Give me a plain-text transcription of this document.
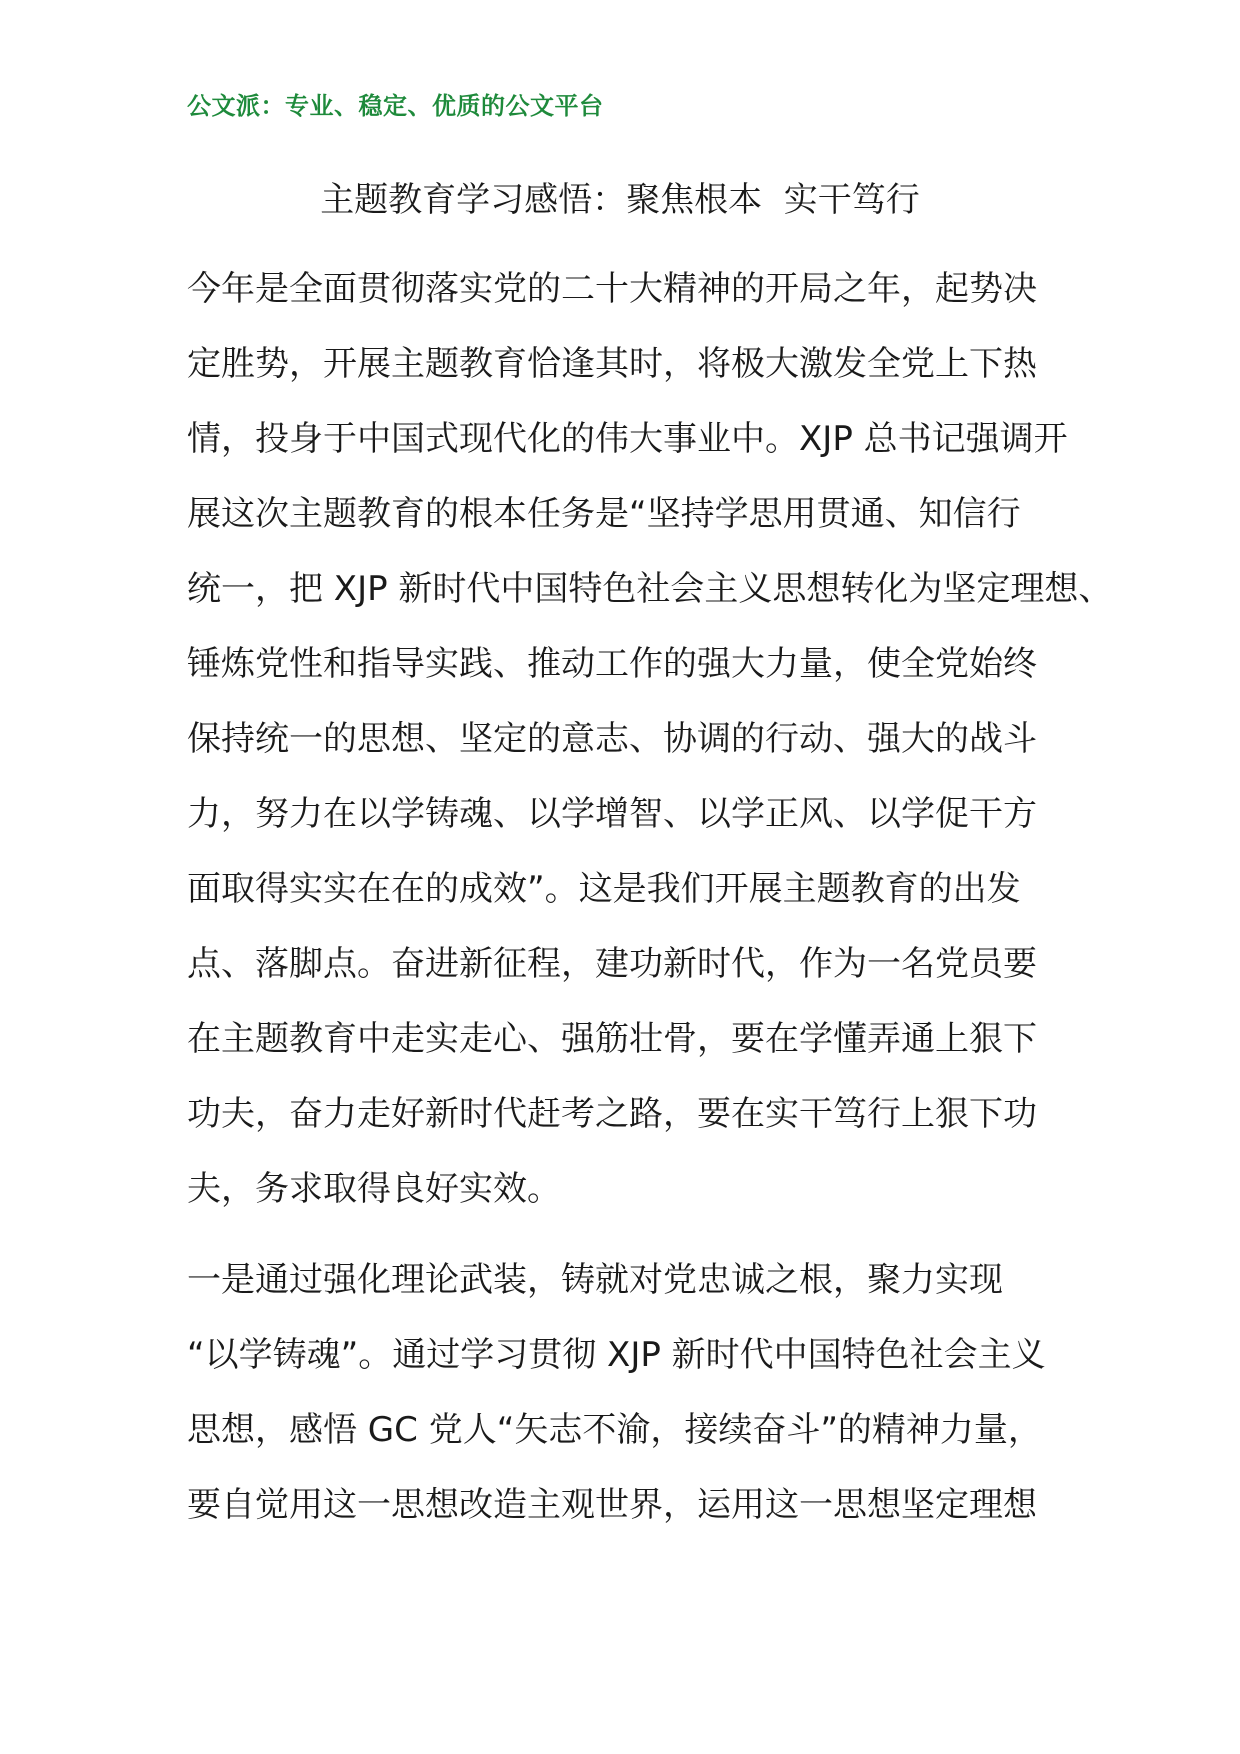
公文派：专业、稳定、优质的公文平台
主题教育学习感悟：聚焦根本  实干笃行
今年是全面贯彻落实党的二十大精神的开局之年，起势决
定胜势，开展主题教育恰逢其时，将极大激发全党上下热
情，投身于中国式现代化的伟大事业中。XJP 总书记强调开
展这次主题教育的根本任务是“坚持学思用贯通、知信行
统一，把 XJP 新时代中国特色社会主义思想转化为坚定理想、
锤炼党性和指导实践、推动工作的强大力量，使全党始终
保持统一的思想、坚定的意志、协调的行动、强大的战斗
力，努力在以学铸魂、以学增智、以学正风、以学促干方
面取得实实在在的成效”。这是我们开展主题教育的出发
点、落脚点。奋进新征程，建功新时代，作为一名党员要
在主题教育中走实走心、强筋壮骨，要在学懂弄通上狠下
功夫，奋力走好新时代赶考之路，要在实干笃行上狠下功
夫，务求取得良好实效。
一是通过强化理论武装，铸就对党忠诚之根，聚力实现
“以学铸魂”。通过学习贯彻 XJP 新时代中国特色社会主义
思想，感悟 GC 党人“矢志不渝，接续奋斗”的精神力量，
要自觉用这一思想改造主观世界，运用这一思想坚定理想
